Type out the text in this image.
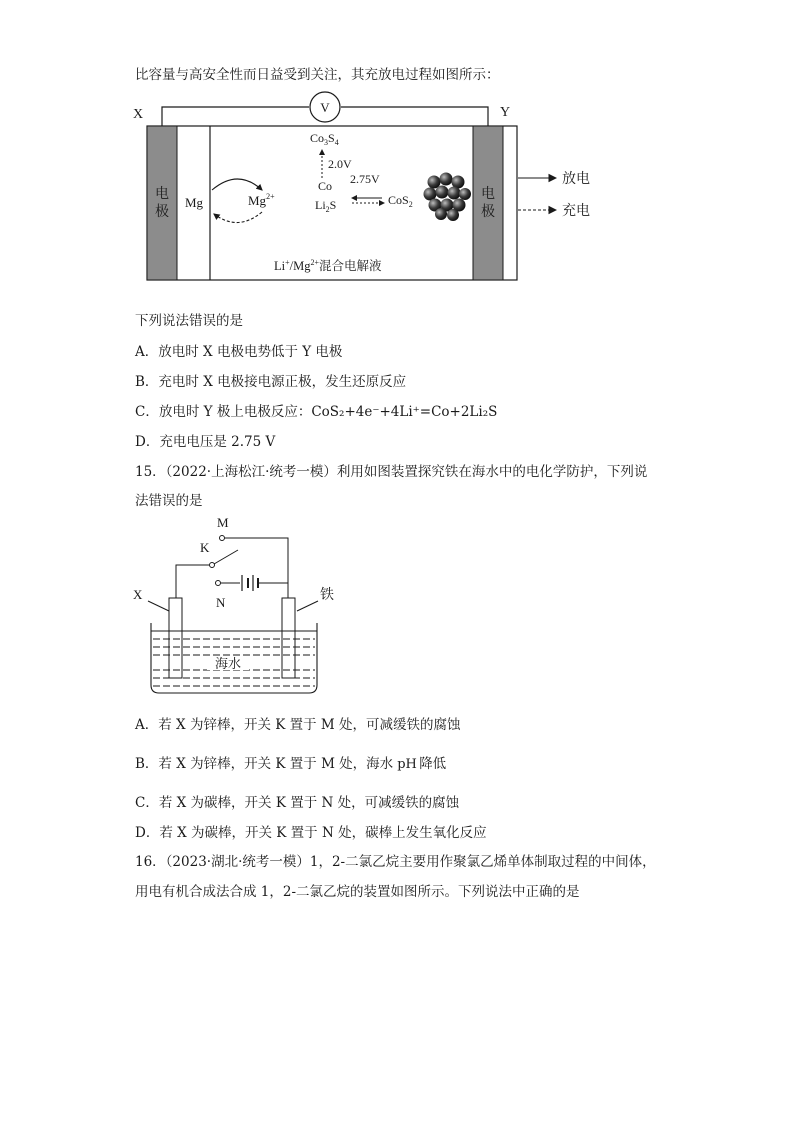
比容量与高安全性而日益受到关注，其充放电过程如图所示：
X	Y
V
电
极
电
极
Mg	$Mg^{2+}$
$Co_3S_4$
2.0V
2.75V
Co
$Li_2S$	CoS$_2$
$Li^+/Mg^{2+}$混合电解液
放电
充电
下列说法错误的是
A．放电时 X 电极电势低于 Y 电极
B．充电时 X 电极接电源正极，发生还原反应
C．放电时 Y 极上电极反应：CoS₂+4e⁻+4Li⁺=Co+2Li₂S
D．充电电压是 2.75 V
15．（2022·上海松江·统考一模）利用如图装置探究铁在海水中的电化学防护，下列说
法错误的是
M
K
X
N	铁
海水
A．若 X 为锌棒，开关 K 置于 M 处，可减缓铁的腐蚀
B．若 X 为锌棒，开关 K 置于 M 处，海水 pH 降低
C．若 X 为碳棒，开关 K 置于 N 处，可减缓铁的腐蚀
D．若 X 为碳棒，开关 K 置于 N 处，碳棒上发生氧化反应
16．（2023·湖北·统考一模）1，2-二氯乙烷主要用作聚氯乙烯单体制取过程的中间体，
用电有机合成法合成 1，2-二氯乙烷的装置如图所示。下列说法中正确的是
